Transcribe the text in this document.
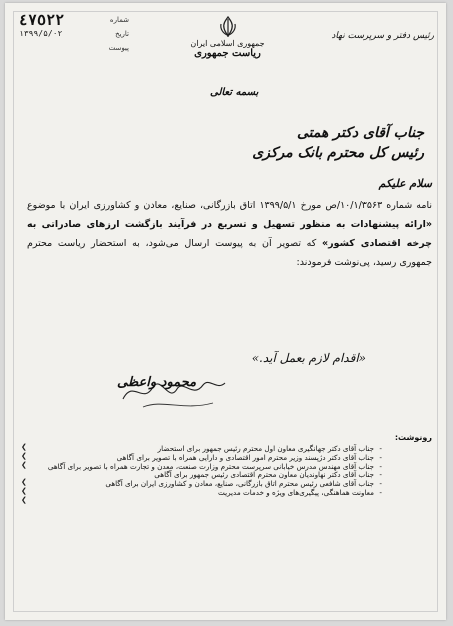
شماره
٤٧٥٢٢
تاریخ
۱۳۹۹/۵/۰۲
پیوست
	جمهوری اسلامی ایران
ریاست جمهوری
رئیس دفتر و سرپرست نهاد
بسمه تعالی
جناب آقای دکتر همتی
رئیس کل محترم بانک مرکزی
سلام علیکم
نامه شماره ۱۰/۱/۳۵۶۳/ص مورخ ۱۳۹۹/۵/۱ اتاق بازرگانی، صنایع، معادن و کشاورزی ایران با موضوع «ارائه پیشنهادات به منظور تسهیل و تسریع در فرآیند بازگشت ارزهای صادراتی به چرخه اقتصادی کشور» که تصویر آن به پیوست ارسال می‌شود، به استحضار ریاست محترم جمهوری رسید، پی‌نوشت فرمودند:
«اقدام لازم بعمل آید.»
محمود واعظی
رونوشت:
❮
❮
❮

❮
❮
❮
-
جناب آقای دکتر جهانگیری معاون اول محترم رئیس جمهور برای استحضار
-
جناب آقای دکتر دژپسند وزیر محترم امور اقتصادی و دارایی همراه با تصویر برای آگاهی
-
جناب آقای مهندس مدرس خیابانی سرپرست محترم وزارت صنعت، معدن و تجارت همراه با تصویر برای آگاهی
-
جناب آقای دکتر نهاوندیان معاون محترم اقتصادی رئیس جمهور برای آگاهی
-
جناب آقای شافعی رئیس محترم اتاق بازرگانی، صنایع، معادن و کشاورزی ایران برای آگاهی
-
معاونت هماهنگی، پیگیری‌های ویژه و خدمات مدیریت
